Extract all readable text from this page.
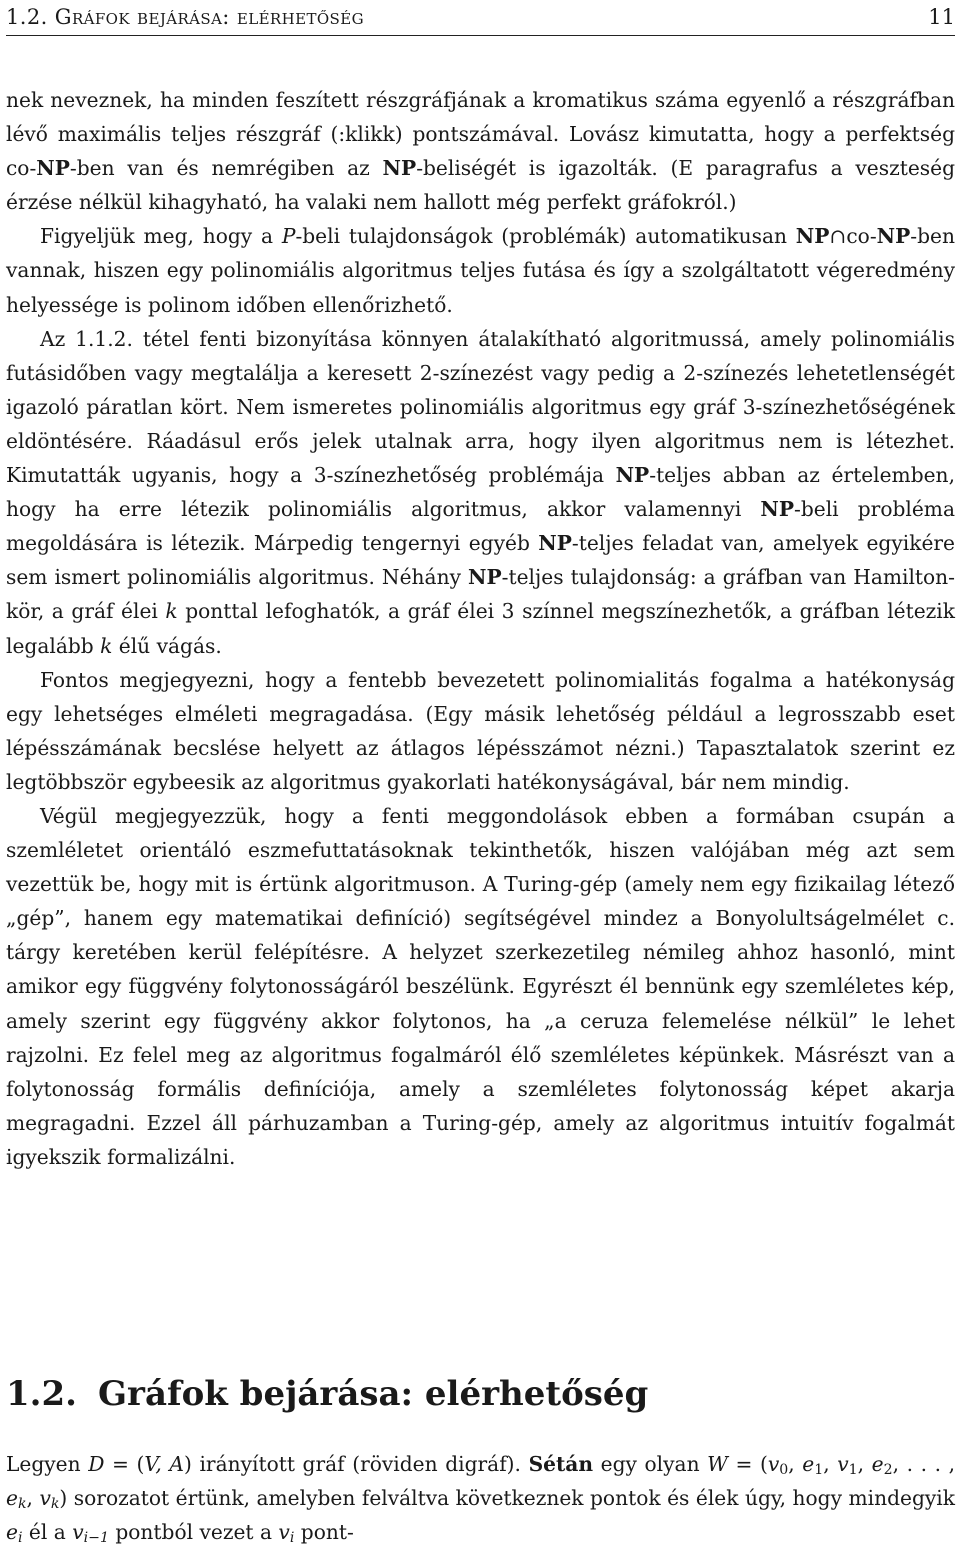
1.2. Gráfok bejárása: elérhetőség	11

nek neveznek, ha minden feszített részgráfjának a kromatikus száma egyenlő a részgráfban lévő maximális teljes részgráf (:klikk) pontszámával. Lovász kimutatta, hogy a perfektség co-NP-ben van és nemrégiben az NP-beliségét is igazolták. (E paragrafus a veszteség érzése nélkül kihagyható, ha valaki nem hallott még perfekt gráfokról.)

Figyeljük meg, hogy a P-beli tulajdonságok (problémák) automatikusan NP∩co-NP-ben vannak, hiszen egy polinomiális algoritmus teljes futása és így a szolgáltatott végeredmény helyessége is polinom időben ellenőrizhető.

Az 1.1.2. tétel fenti bizonyítása könnyen átalakítható algoritmussá, amely polinomiális futásidőben vagy megtalálja a keresett 2-színezést vagy pedig a 2-színezés lehetetlenségét igazoló páratlan kört. Nem ismeretes polinomiális algoritmus egy gráf 3-színezhetőségének eldöntésére. Ráadásul erős jelek utalnak arra, hogy ilyen algoritmus nem is létezhet. Kimutatták ugyanis, hogy a 3-színezhetőség problémája NP-teljes abban az értelemben, hogy ha erre létezik polinomiális algoritmus, akkor valamennyi NP-beli probléma megoldására is létezik. Márpedig tengernyi egyéb NP-teljes feladat van, amelyek egyikére sem ismert polinomiális algoritmus. Néhány NP-teljes tulajdonság: a gráfban van Hamilton-kör, a gráf élei k ponttal lefoghatók, a gráf élei 3 színnel megszínezhetők, a gráfban létezik legalább k élű vágás.

Fontos megjegyezni, hogy a fentebb bevezetett polinomialitás fogalma a hatékonyság egy lehetséges elméleti megragadása. (Egy másik lehetőség például a legrosszabb eset lépésszámának becslése helyett az átlagos lépésszámot nézni.) Tapasztalatok szerint ez legtöbbször egybeesik az algoritmus gyakorlati hatékonyságával, bár nem mindig.

Végül megjegyezzük, hogy a fenti meggondolások ebben a formában csupán a szemléletet orientáló eszmefuttatásoknak tekinthetők, hiszen valójában még azt sem vezettük be, hogy mit is értünk algoritmuson. A Turing-gép (amely nem egy fizikailag létező „gép”, hanem egy matematikai definíció) segítségével mindez a Bonyolultságelmélet c. tárgy keretében kerül felépítésre. A helyzet szerkezetileg némileg ahhoz hasonló, mint amikor egy függvény folytonosságáról beszélünk. Egyrészt él bennünk egy szemléletes kép, amely szerint egy függvény akkor folytonos, ha „a ceruza felemelése nélkül” le lehet rajzolni. Ez felel meg az algoritmus fogalmáról élő szemléletes képünkek. Másrészt van a folytonosság formális definíciója, amely a szemléletes folytonosság képet akarja megragadni. Ezzel áll párhuzamban a Turing-gép, amely az algoritmus intuitív fogalmát igyekszik formalizálni.

1.2. Gráfok bejárása: elérhetőség

Legyen D = (V, A) irányított gráf (röviden digráf). Sétán egy olyan $W = (v_0$, $e_1$, $v_1$, $e_2$, . . . , $e_k$, $v_k$) sorozatot értünk, amelyben felváltva következnek pontok és élek úgy, hogy mindegyik $e_i$ él a $v_{i-1}$ pontból vezet a $v_i$ pont-
